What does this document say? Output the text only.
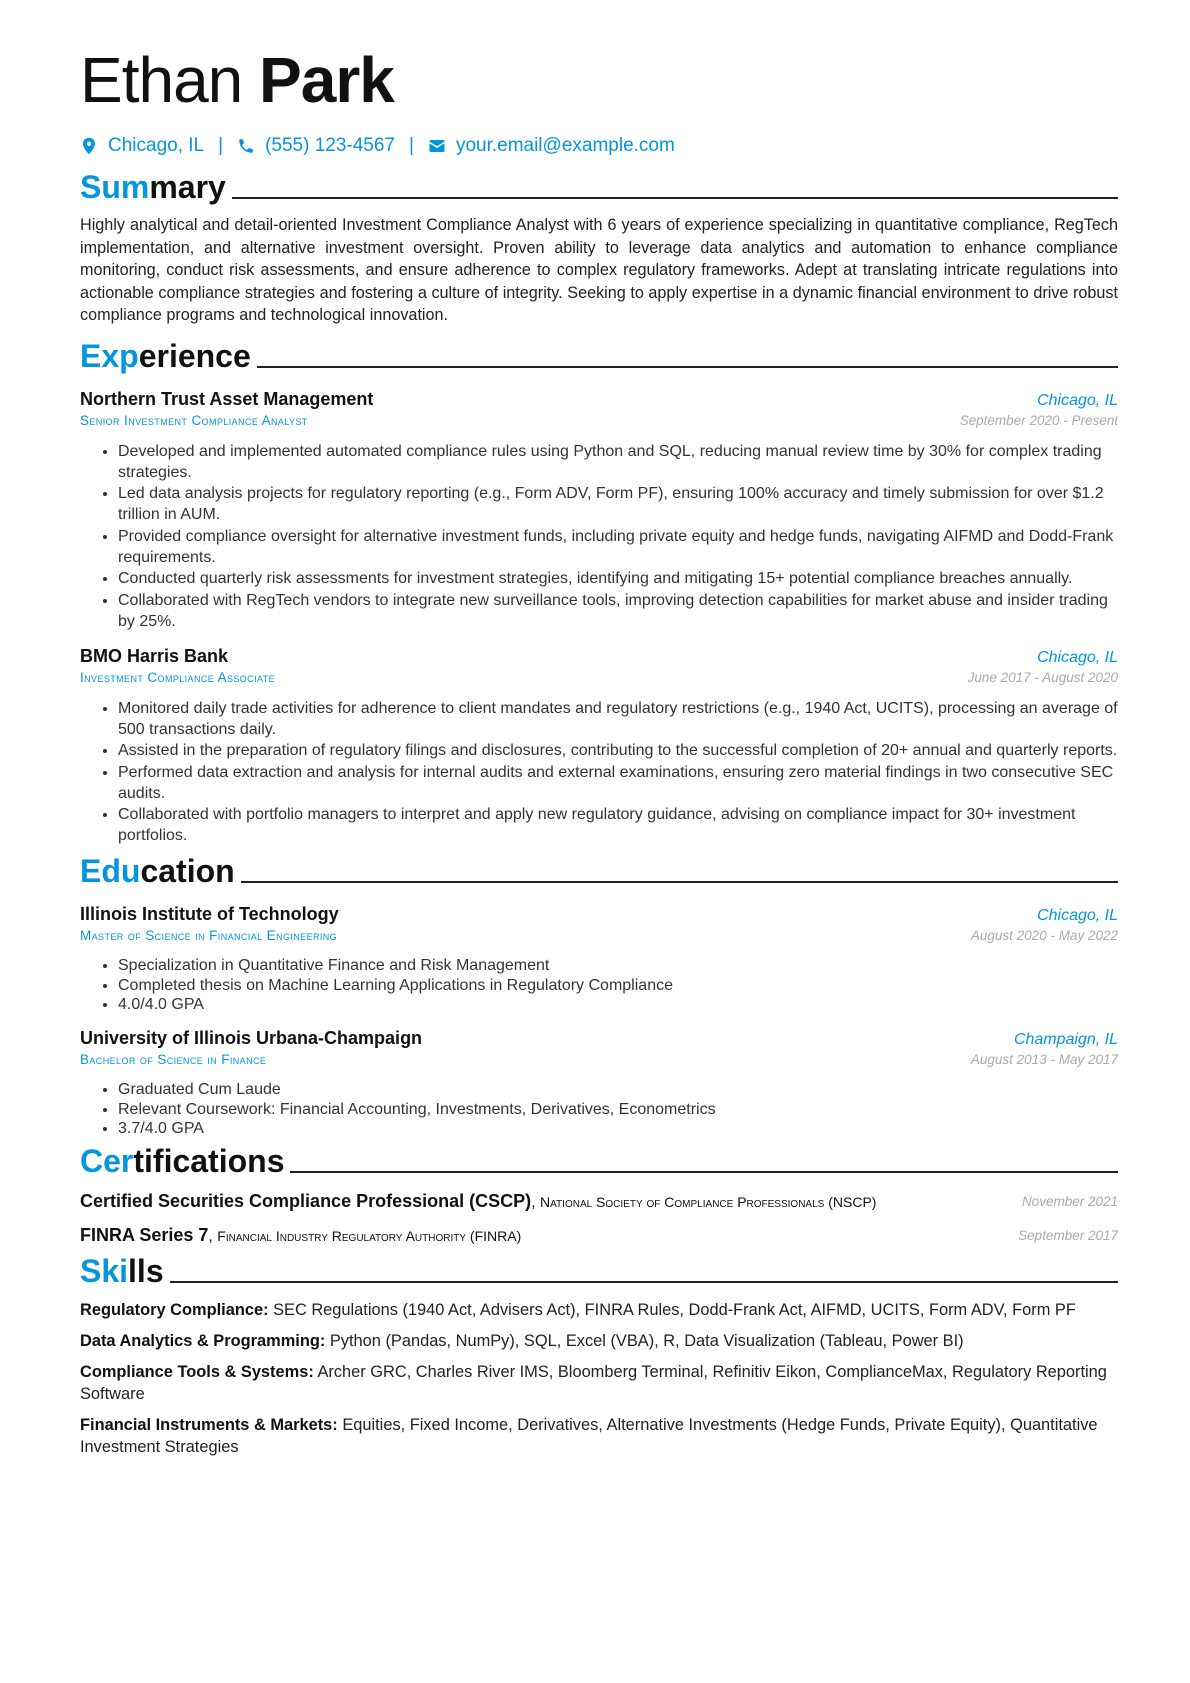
Ethan Park
Chicago, IL | (555) 123-4567 | your.email@example.com
Summary

Highly analytical and detail-oriented Investment Compliance Analyst with 6 years of experience specializing in quantitative compliance, RegTech implementation, and alternative investment oversight. Proven ability to leverage data analytics and automation to enhance compliance monitoring, conduct risk assessments, and ensure adherence to complex regulatory frameworks. Adept at translating intricate regulations into actionable compliance strategies and fostering a culture of integrity. Seeking to apply expertise in a dynamic financial environment to drive robust compliance programs and technological innovation.

Experience
Northern Trust Asset Management	Chicago, IL
Senior Investment Compliance Analyst	September 2020 - Present
• Developed and implemented automated compliance rules using Python and SQL, reducing manual review time by 30% for complex trading strategies.
• Led data analysis projects for regulatory reporting (e.g., Form ADV, Form PF), ensuring 100% accuracy and timely submission for over $1.2 trillion in AUM.
• Provided compliance oversight for alternative investment funds, including private equity and hedge funds, navigating AIFMD and Dodd-Frank requirements.
• Conducted quarterly risk assessments for investment strategies, identifying and mitigating 15+ potential compliance breaches annually.
• Collaborated with RegTech vendors to integrate new surveillance tools, improving detection capabilities for market abuse and insider trading by 25%.
BMO Harris Bank	Chicago, IL
Investment Compliance Associate	June 2017 - August 2020
• Monitored daily trade activities for adherence to client mandates and regulatory restrictions (e.g., 1940 Act, UCITS), processing an average of 500 transactions daily.
• Assisted in the preparation of regulatory filings and disclosures, contributing to the successful completion of 20+ annual and quarterly reports.
• Performed data extraction and analysis for internal audits and external examinations, ensuring zero material findings in two consecutive SEC audits.
• Collaborated with portfolio managers to interpret and apply new regulatory guidance, advising on compliance impact for 30+ investment portfolios.
Education
Illinois Institute of Technology	Chicago, IL
Master of Science in Financial Engineering	August 2020 - May 2022
• Specialization in Quantitative Finance and Risk Management
• Completed thesis on Machine Learning Applications in Regulatory Compliance
• 4.0/4.0 GPA
University of Illinois Urbana-Champaign	Champaign, IL
Bachelor of Science in Finance	August 2013 - May 2017
• Graduated Cum Laude
• Relevant Coursework: Financial Accounting, Investments, Derivatives, Econometrics
• 3.7/4.0 GPA
Certifications
Certified Securities Compliance Professional (CSCP), National Society of Compliance Professionals (NSCP)	November 2021
FINRA Series 7, Financial Industry Regulatory Authority (FINRA)	September 2017
Skills
Regulatory Compliance: SEC Regulations (1940 Act, Advisers Act), FINRA Rules, Dodd-Frank Act, AIFMD, UCITS, Form ADV, Form PF
Data Analytics & Programming: Python (Pandas, NumPy), SQL, Excel (VBA), R, Data Visualization (Tableau, Power BI)
Compliance Tools & Systems: Archer GRC, Charles River IMS, Bloomberg Terminal, Refinitiv Eikon, ComplianceMax, Regulatory Reporting Software
Financial Instruments & Markets: Equities, Fixed Income, Derivatives, Alternative Investments (Hedge Funds, Private Equity), Quantitative Investment Strategies
